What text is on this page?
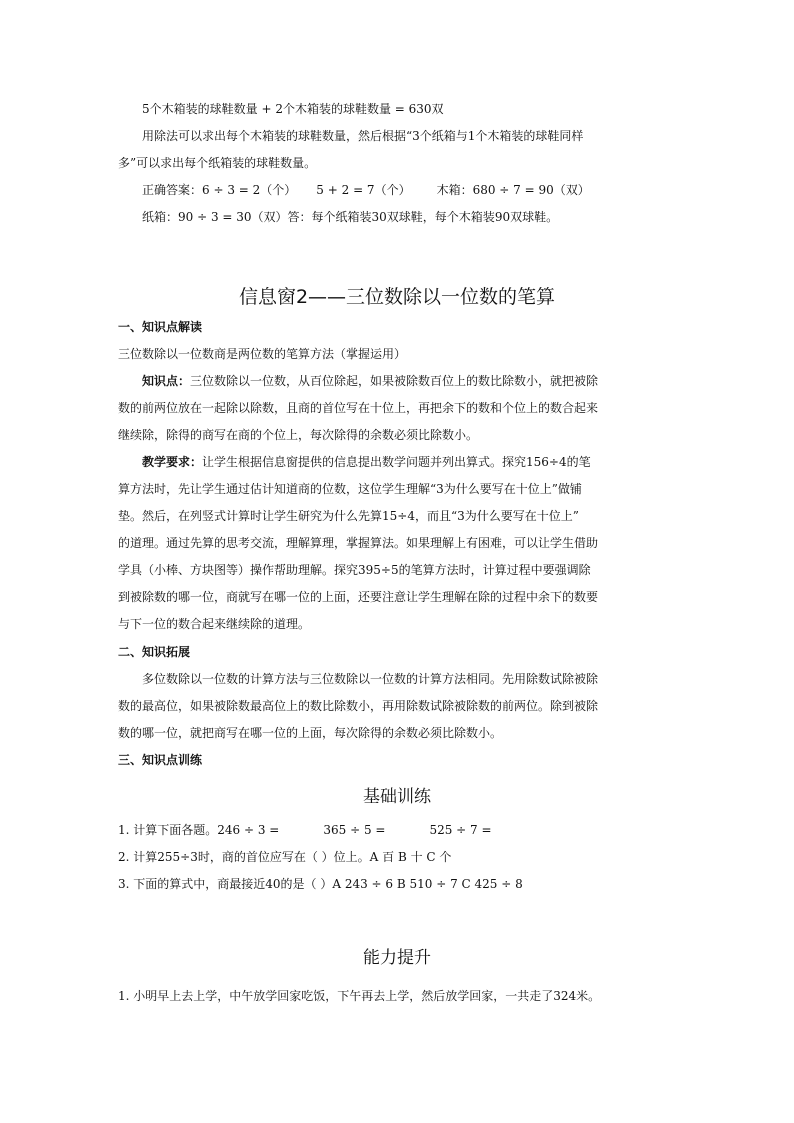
5个木箱装的球鞋数量 + 2个木箱装的球鞋数量 = 630双
用除法可以求出每个木箱装的球鞋数量，然后根据“3个纸箱与1个木箱装的球鞋同样
多”可以求出每个纸箱装的球鞋数量。
正确答案：6 ÷ 3 = 2（个） 5 + 2 = 7（个） 木箱：680 ÷ 7 = 90（双）
纸箱：90 ÷ 3 = 30（双）答：每个纸箱装30双球鞋，每个木箱装90双球鞋。
信息窗2——三位数除以一位数的笔算
一、知识点解读
三位数除以一位数商是两位数的笔算方法（掌握运用）
知识点：三位数除以一位数，从百位除起，如果被除数百位上的数比除数小，就把被除
数的前两位放在一起除以除数，且商的首位写在十位上，再把余下的数和个位上的数合起来
继续除，除得的商写在商的个位上，每次除得的余数必须比除数小。
教学要求：让学生根据信息窗提供的信息提出数学问题并列出算式。探究156÷4的笔
算方法时，先让学生通过估计知道商的位数，这位学生理解“3为什么要写在十位上”做铺
垫。然后，在列竖式计算时让学生研究为什么先算15÷4，而且“3为什么要写在十位上”
的道理。通过先算的思考交流，理解算理，掌握算法。如果理解上有困难，可以让学生借助
学具（小棒、方块图等）操作帮助理解。探究395÷5的笔算方法时，计算过程中要强调除
到被除数的哪一位，商就写在哪一位的上面，还要注意让学生理解在除的过程中余下的数要
与下一位的数合起来继续除的道理。
二、知识拓展
多位数除以一位数的计算方法与三位数除以一位数的计算方法相同。先用除数试除被除
数的最高位，如果被除数最高位上的数比除数小，再用除数试除被除数的前两位。除到被除
数的哪一位，就把商写在哪一位的上面，每次除得的余数必须比除数小。
三、知识点训练
基础训练
1. 计算下面各题。246 ÷ 3 =	365 ÷ 5 =	525 ÷ 7 =
2. 计算255÷3时，商的首位应写在（ ）位上。A 百 B 十 C 个
3. 下面的算式中，商最接近40的是（ ）A 243 ÷ 6 B 510 ÷ 7 C 425 ÷ 8
能力提升
1. 小明早上去上学，中午放学回家吃饭，下午再去上学，然后放学回家，一共走了324米。
